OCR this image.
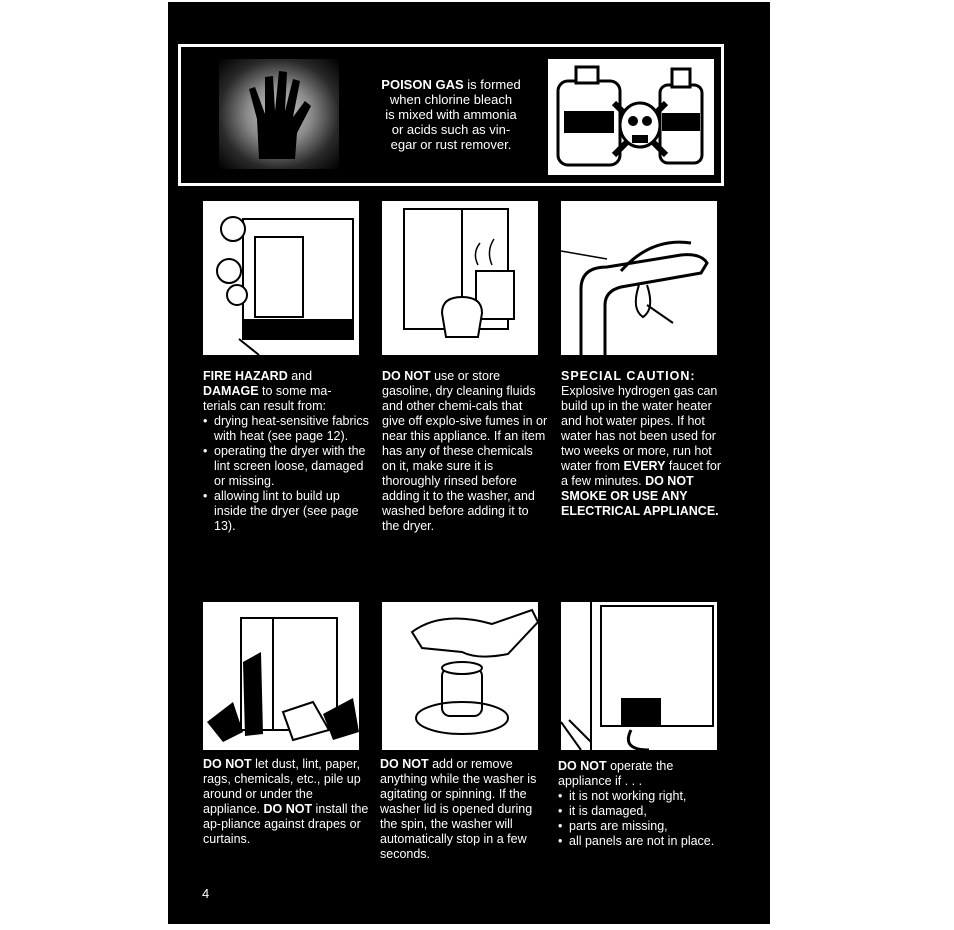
POISON GAS is formed
when chlorine bleach
is mixed with ammonia
or acids such as vin-
egar or rust remover.
FIRE HAZARD and
DAMAGE to some ma-
terials can result from:
• drying heat-sensitive fabrics with heat (see page 12).
• operating the dryer with the lint screen loose, damaged or missing.
• allowing lint to build up inside the dryer (see page 13).
DO NOT use or store gasoline, dry cleaning fluids and other chemi-cals that give off explo-sive fumes in or near this appliance. If an item has any of these chemicals on it, make sure it is thoroughly rinsed before adding it to the washer, and washed before adding it to the dryer.
SPECIAL CAUTION:
Explosive hydrogen gas can build up in the water heater and hot water pipes. If hot water has not been used for two weeks or more, run hot water from EVERY faucet for a few minutes. DO NOT SMOKE OR USE ANY ELECTRICAL APPLIANCE.
DO NOT let dust, lint, paper, rags, chemicals, etc., pile up around or under the appliance. DO NOT install the ap-pliance against drapes or curtains.
DO NOT add or remove anything while the washer is agitating or spinning. If the washer lid is opened during the spin, the washer will automatically stop in a few seconds.
DO NOT operate the appliance if . . .
• it is not working right,
• it is damaged,
• parts are missing,
• all panels are not in place.
4
